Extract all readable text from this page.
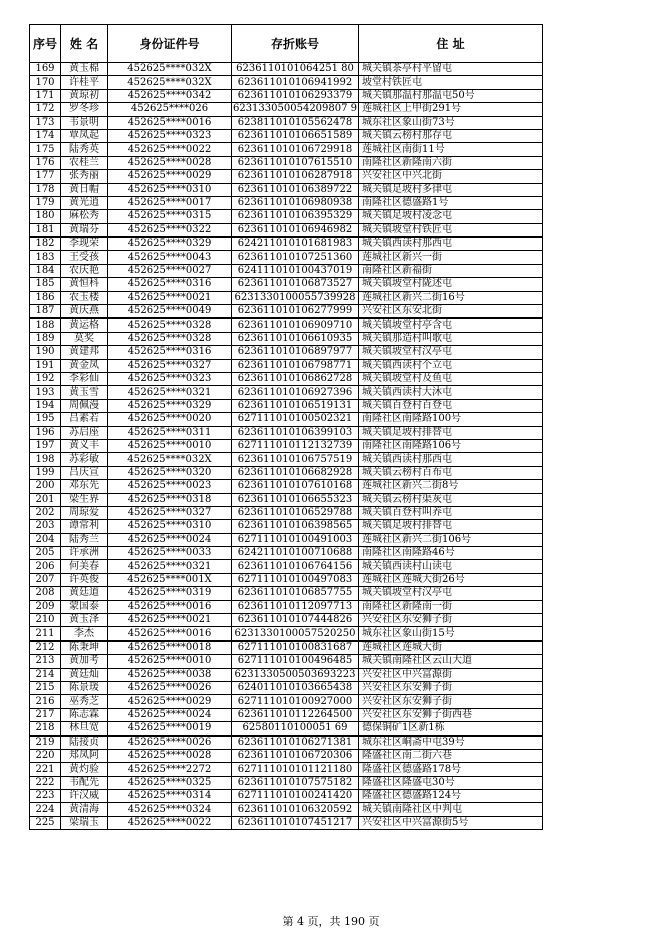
序号	姓 名	身份证件号	存折账号	住 址
169	黄玉棉	452625****032X	6236110101064251 80	城关镇茶亭村平留屯
170	许桂平	452625****032X	623611010106941992	坡堂村铁匠屯
171	黄琼初	452625****0342	623611010106293379	城关镇那温村那温屯50号
172	罗冬珍	452625****026	623133050054209807 9	莲城社区上甲街291号
173	韦景明	452625****0016	623811010105562478	城东社区象山街73号
174	覃凤起	452625****0323	623611010106651589	城关镇云榜村那存屯
175	陆秀英	452625****0022	623611010106729918	莲城社区南街11号
176	农桂兰	452625****0028	623611010107615510	南隆社区新隆南六街
177	张秀丽	452625****0029	623611010106287918	兴安社区中兴北街
178	黄日帽	452625****0310	623611010106389722	城关镇足坡村多律屯
179	黄光逍	452625****0017	623611010106980938	南隆社区德盛路1号
180	麻松秀	452625****0315	623611010106395329	城关镇足坡村凌念屯
181	黄瑞芬	452625****0322	623611010106946982	城关镇坡堂村铁匠屯
182	李现荣	452625****0329	624211010101681983	城关镇西读村那西屯
183	王受孩	452625****0043	623611010107251360	莲城社区新兴一街
184	农庆艳	452625****0027	624111010100437019	南隆社区新福街
185	黄恒科	452625****0316	623611010106873527	城关镇坡堂村陇述屯
186	农玉楼	452625****0021	6231330100055739928	莲城社区新兴二街16号
187	黄庆燕	452625****0049	623611010106277999	兴安社区东安北街
188	黄运格	452625****0328	623611010106909710	城关镇坡堂村亭含屯
189	莫奖	452625****0328	623611010106610935	城关镇那造村叫歌屯
190	黄建邦	452625****0316	623611010106897977	城关镇坡堂村汉亭屯
191	黄金凤	452625****0327	623611010106798771	城关镇西读村个立屯
192	李彩仙	452625****0323	623611010106862728	城关镇坡堂村及鱼屯
193	黄玉雪	452625****0321	623611010106927396	城关镇西读村大沐屯
194	周佩漫	452625****0329	623611010106519131	城关镇百登村百登屯
195	吕素若	452625****0020	627111010100502321	南隆社区南隆路100号
196	苏启座	452625****0311	623611010106399103	城关镇足坡村排替屯
197	黄义丰	452625****0010	627111010112132739	南隆社区南隆路106号
198	苏彩敏	452625****032X	623611010106757519	城关镇西读村那西屯
199	吕庆宣	452625****0320	623611010106682928	城关镇云榜村百布屯
200	邓东先	452625****0023	623611010107610168	莲城社区新兴二街8号
201	梁生界	452625****0318	623611010106655323	城关镇云榜村渠灰屯
202	周琼爱	452625****0327	623611010106529788	城关镇百登村叫养屯
203	谭常利	452625****0310	623611010106398565	城关镇足坡村排替屯
204	陆秀兰	452625****0024	627111010100491003	莲城社区新兴二街106号
205	许承洲	452625****0033	624211010100710688	南隆社区南隆路46号
206	何美春	452625****0321	623611010106764156	城关镇西读村山读屯
207	许英俊	452625****001X	627111010100497083	莲城社区莲城大街26号
208	黄廷道	452625****0319	623611010106857755	城关镇坡堂村汉亭屯
209	蒙国泰	452625****0016	623611010112097713	南隆社区新隆南一街
210	黄玉泽	452625****0021	623611010107444826	兴安社区东安狮子街
211	李杰	452625****0016	6231330100057520250	城东社区象山街15号
212	陈秉坤	452625****0018	627111010100831687	莲城社区莲城大街
213	黄加考	452625****0010	627111010100496485	城关镇南隆社区云山大道
214	黄廷灿	452625****0038	6231330500503693223	兴安社区中兴富源街
215	陈景瑗	452625****0026	624011010103665438	兴安社区东安狮子街
216	巫秀芝	452625****0029	627111010100927000	兴安社区东安狮子街
217	陈志霖	452625****0024	623611010112264500	兴安社区东安狮子街西巷
218	林旦宽	452625****0019	62580110100051 69	德保铜矿1区新1栋
219	陆接贞	452625****0026	623611010106271381	城东社区峒斋中屯39号
220	郑凤阿	452625****0028	623611010106720306	隆盛社区南二街六巷
221	黄灼验	452625****2272	627111010101121180	隆盛社区德盛路178号
222	韦配先	452625****0325	623611010107575182	隆盛社区隆盛屯30号
223	许汉威	452625****0314	627111010100241420	隆盛社区德盛路124号
224	黄清海	452625****0324	623611010106320592	城关镇南隆社区中判屯
225	梁瑞玉	452625****0022	623611010107451217	兴安社区中兴富源街5号
第 4 页，共 190 页
